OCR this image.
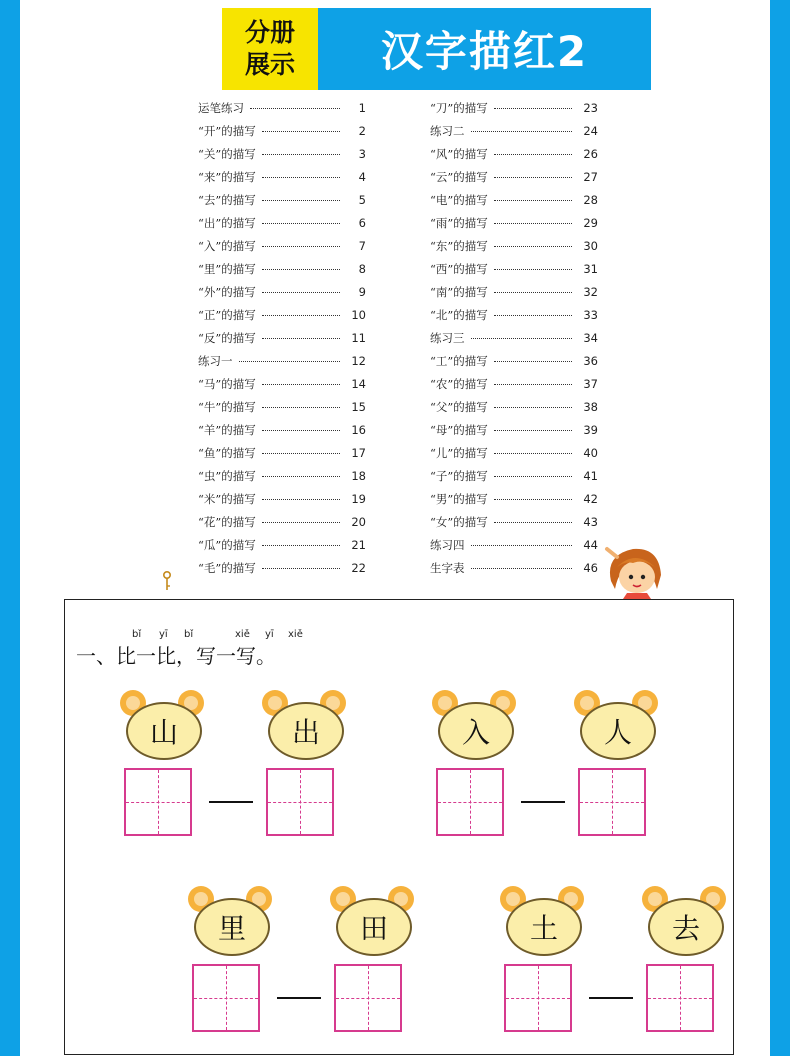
分册
展示	汉字描红2
运笔练习	1
“开”的描写	2
“关”的描写	3
“来”的描写	4
“去”的描写	5
“出”的描写	6
“入”的描写	7
“里”的描写	8
“外”的描写	9
“正”的描写	10
“反”的描写	11
练习一	12
“马”的描写	14
“牛”的描写	15
“羊”的描写	16
“鱼”的描写	17
“虫”的描写	18
“米”的描写	19
“花”的描写	20
“瓜”的描写	21
“毛”的描写	22
“刀”的描写	23
练习二	24
“风”的描写	26
“云”的描写	27
“电”的描写	28
“雨”的描写	29
“东”的描写	30
“西”的描写	31
“南”的描写	32
“北”的描写	33
练习三	34
“工”的描写	36
“农”的描写	37
“父”的描写	38
“母”的描写	39
“儿”的描写	40
“子”的描写	41
“男”的描写	42
“女”的描写	43
练习四	44
生字表	46
bǐ yī bǐ	xiě yī xiě
一、比一比，写一写。
山	出	入	人
里	田	土	去
